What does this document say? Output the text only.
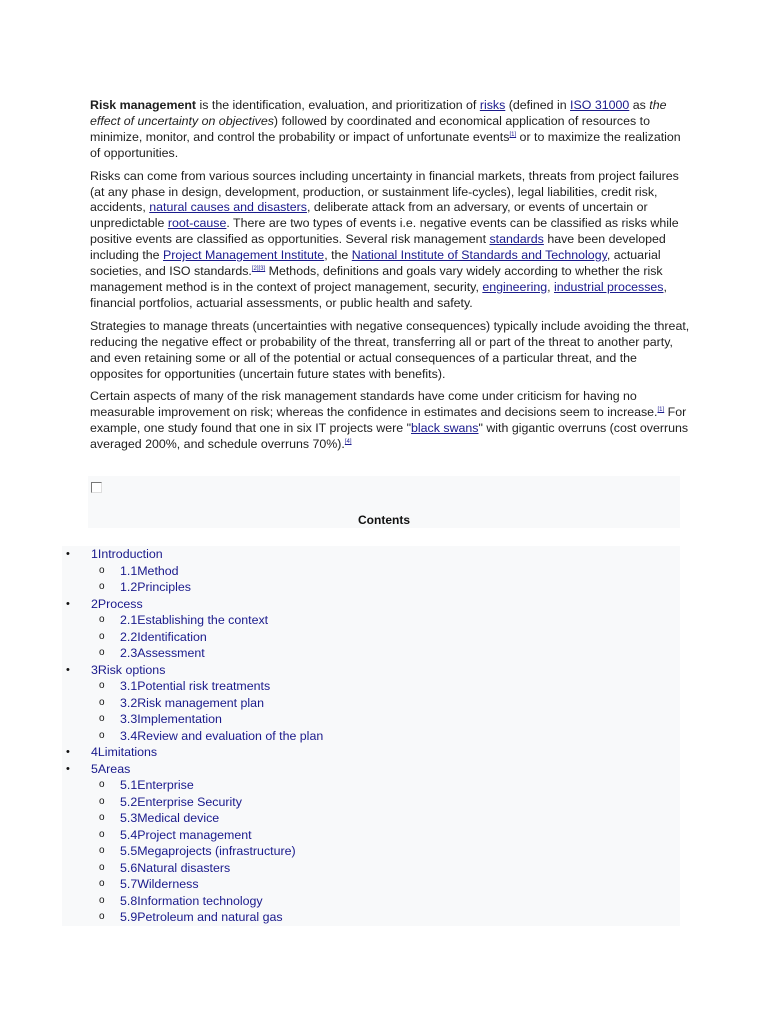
Risk management is the identification, evaluation, and prioritization of risks (defined in ISO 31000 as the effect of uncertainty on objectives) followed by coordinated and economical application of resources to minimize, monitor, and control the probability or impact of unfortunate events[1] or to maximize the realization of opportunities.

Risks can come from various sources including uncertainty in financial markets, threats from project failures (at any phase in design, development, production, or sustainment life-cycles), legal liabilities, credit risk, accidents, natural causes and disasters, deliberate attack from an adversary, or events of uncertain or unpredictable root-cause. There are two types of events i.e. negative events can be classified as risks while positive events are classified as opportunities. Several risk management standards have been developed including the Project Management Institute, the National Institute of Standards and Technology, actuarial societies, and ISO standards.[2][3] Methods, definitions and goals vary widely according to whether the risk management method is in the context of project management, security, engineering, industrial processes, financial portfolios, actuarial assessments, or public health and safety.

Strategies to manage threats (uncertainties with negative consequences) typically include avoiding the threat, reducing the negative effect or probability of the threat, transferring all or part of the threat to another party, and even retaining some or all of the potential or actual consequences of a particular threat, and the opposites for opportunities (uncertain future states with benefits).

Certain aspects of many of the risk management standards have come under criticism for having no measurable improvement on risk; whereas the confidence in estimates and decisions seem to increase.[1] For example, one study found that one in six IT projects were "black swans" with gigantic overruns (cost overruns averaged 200%, and schedule overruns 70%).[4]

Contents
• 1Introduction
o 1.1Method
o 1.2Principles
• 2Process
o 2.1Establishing the context
o 2.2Identification
o 2.3Assessment
• 3Risk options
o 3.1Potential risk treatments
o 3.2Risk management plan
o 3.3Implementation
o 3.4Review and evaluation of the plan
• 4Limitations
• 5Areas
o 5.1Enterprise
o 5.2Enterprise Security
o 5.3Medical device
o 5.4Project management
o 5.5Megaprojects (infrastructure)
o 5.6Natural disasters
o 5.7Wilderness
o 5.8Information technology
o 5.9Petroleum and natural gas
